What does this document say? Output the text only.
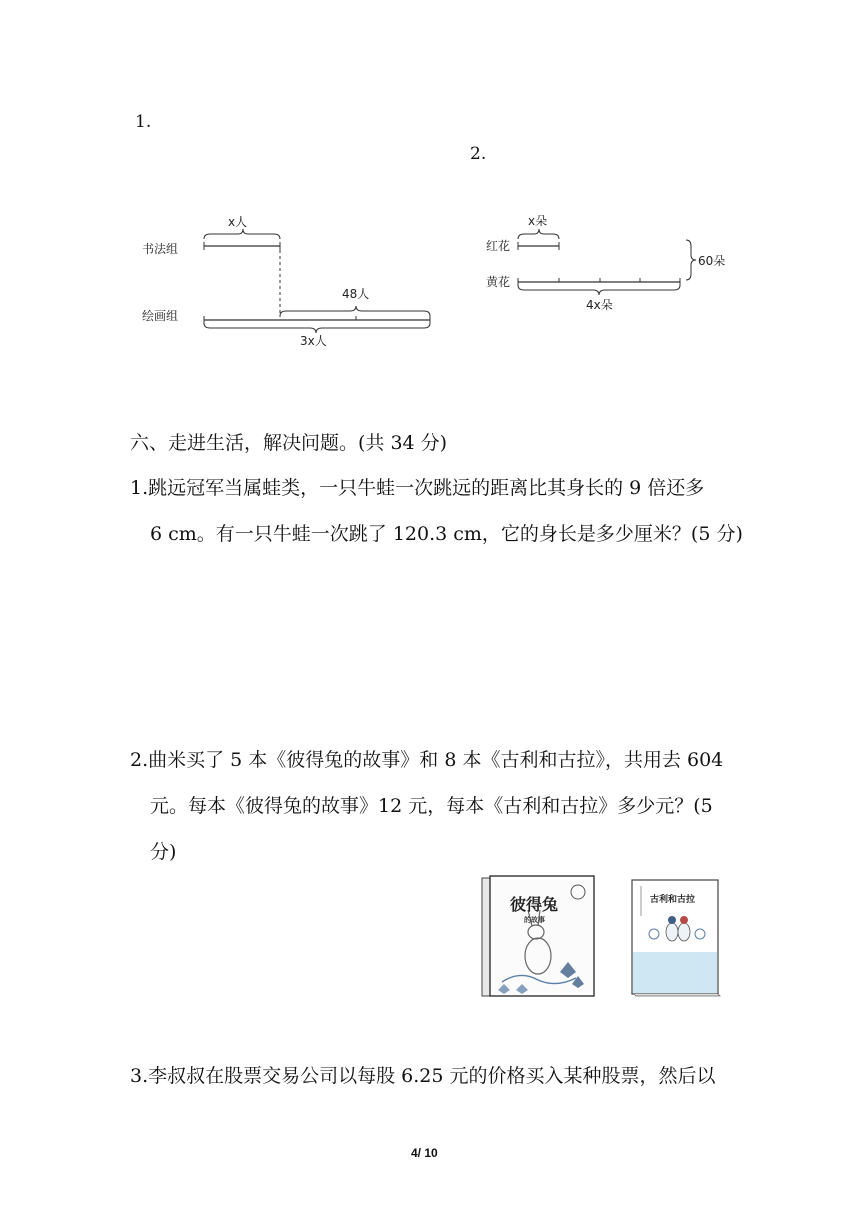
1.
2.
书法组
绘画组
x人
48人
3x人
红花
黄花
x朵
4x朵
60朵
六、走进生活，解决问题。(共 34 分)
1.跳远冠军当属蛙类，一只牛蛙一次跳远的距离比其身长的 9 倍还多
6 cm。有一只牛蛙一次跳了 120.3 cm，它的身长是多少厘米？(5 分)
2.曲米买了 5 本《彼得兔的故事》和 8 本《古利和古拉》，共用去 604
元。每本《彼得兔的故事》12 元，每本《古利和古拉》多少元？(5
分)
彼得兔
的故事
古利和古拉
3.李叔叔在股票交易公司以每股 6.25 元的价格买入某种股票，然后以
4/ 10
